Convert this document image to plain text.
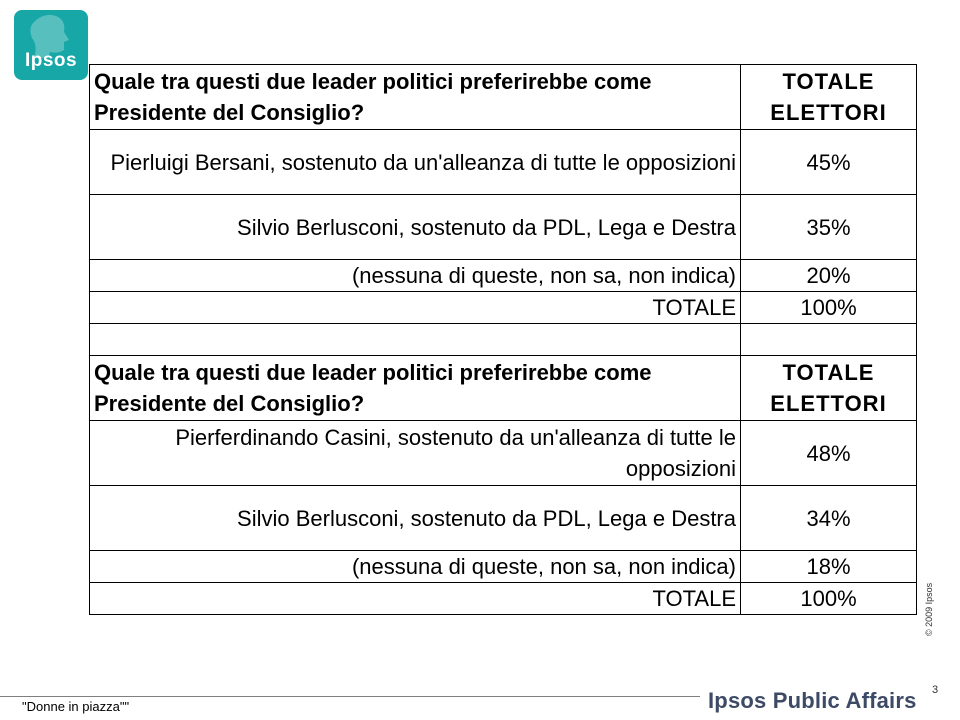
Ipsos
Quale tra questi due leader politici preferirebbe come Presidente del Consiglio?	TOTALE ELETTORI
Pierluigi Bersani, sostenuto da un'alleanza di tutte le opposizioni	45%
Silvio Berlusconi, sostenuto da PDL, Lega e Destra	35%
(nessuna di queste, non sa, non indica)	20%
TOTALE	100%

Quale tra questi due leader politici preferirebbe come Presidente del Consiglio?	TOTALE ELETTORI
Pierferdinando Casini, sostenuto da un'alleanza di tutte le opposizioni	48%
Silvio Berlusconi, sostenuto da PDL, Lega e Destra	34%
(nessuna di queste, non sa, non indica)	18%
TOTALE	100%	© 2009 Ipsos
"Donne in piazza""	Ipsos Public Affairs 3
